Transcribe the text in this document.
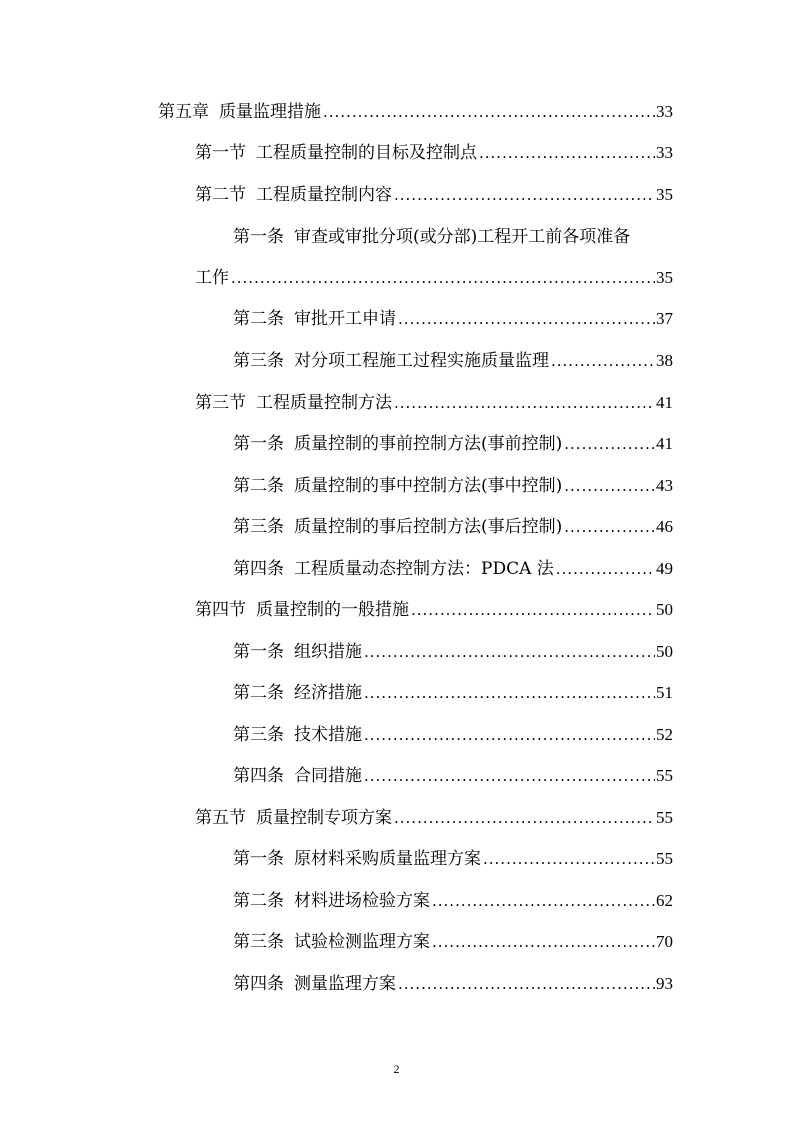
第五章 质量监理措施 .....	33
第一节 工程质量控制的目标及控制点 .....	33
第二节 工程质量控制内容 .....	35
第一条 审查或审批分项(或分部)工程开工前各项准备
工作 .....	35
第二条 审批开工申请 .....	37
第三条 对分项工程施工过程实施质量监理 .....	38
第三节 工程质量控制方法 .....	41
第一条 质量控制的事前控制方法(事前控制) .....	41
第二条 质量控制的事中控制方法(事中控制) .....	43
第三条 质量控制的事后控制方法(事后控制) .....	46
第四条 工程质量动态控制方法：PDCA 法 .....	49
第四节 质量控制的一般措施 .....	50
第一条 组织措施 .....	50
第二条 经济措施 .....	51
第三条 技术措施 .....	52
第四条 合同措施 .....	55
第五节 质量控制专项方案 .....	55
第一条 原材料采购质量监理方案 .....	55
第二条 材料进场检验方案 .....	62
第三条 试验检测监理方案 .....	70
第四条 测量监理方案 .....	93
2
